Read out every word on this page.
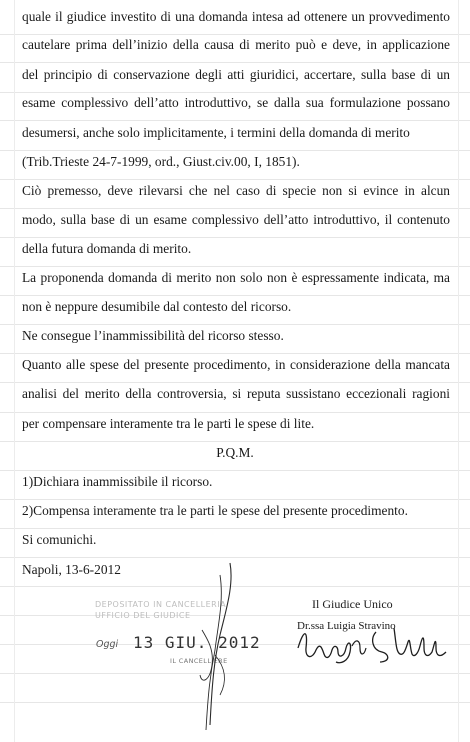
quale il giudice investito di una domanda intesa ad ottenere un provvedimento
cautelare prima dell’inizio della causa di merito può e deve, in applicazione
del principio di conservazione degli atti giuridici, accertare, sulla base di un
esame complessivo dell’atto introduttivo, se dalla sua formulazione possano
desumersi, anche solo implicitamente, i termini della domanda di merito
(Trib.Trieste 24-7-1999, ord., Giust.civ.00, I, 1851).
Ciò premesso, deve rilevarsi che nel caso di specie non si evince in alcun
modo, sulla base di un esame complessivo dell’atto introduttivo, il contenuto
della futura domanda di merito.
La proponenda domanda di merito non solo non è espressamente indicata, ma
non è neppure desumibile dal contesto del ricorso.
Ne consegue l’inammissibilità del ricorso stesso.
Quanto alle spese del presente procedimento, in considerazione della mancata
analisi del merito della controversia, si reputa sussistano eccezionali ragioni
per compensare interamente tra le parti le spese di lite.
P.Q.M.
1)Dichiara inammissibile il ricorso.
2)Compensa interamente tra le parti le spese del presente procedimento.
Si comunichi.
Napoli, 13-6-2012
DEPOSITATO IN CANCELLERIA
UFFICIO DEL GIUDICE
Oggi 13 GIU. 2012
IL CANCELLIERE
Il Giudice Unico
Dr.ssa Luigia Stravino
